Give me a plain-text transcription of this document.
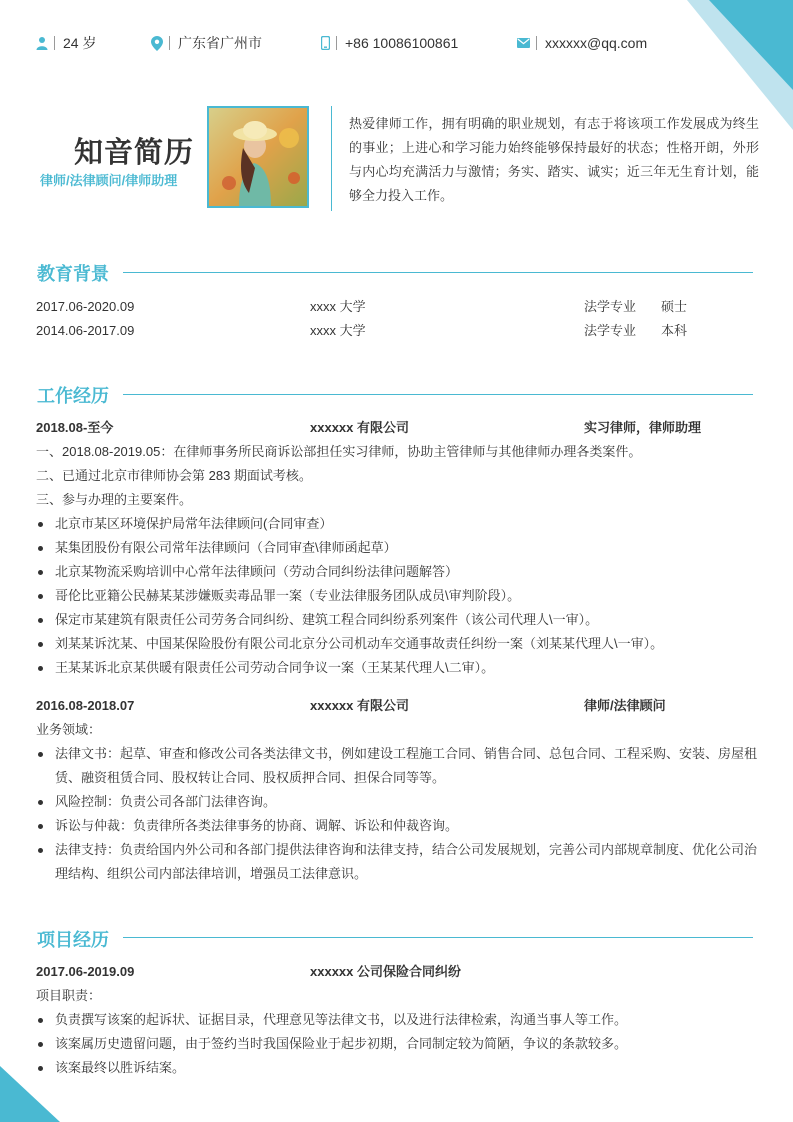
24 岁	广东省广州市	+86 10086100861	xxxxxx@qq.com
知音简历
律师/法律顾问/律师助理
热爱律师工作，拥有明确的职业规划，有志于将该项工作发展成为终生的事业；上进心和学习能力始终能够保持最好的状态；性格开朗，外形与内心均充满活力与激情；务实、踏实、诚实；近三年无生育计划，能够全力投入工作。
教育背景
2017.06-2020.09	xxxx 大学	法学专业 硕士
2014.06-2017.09	xxxx 大学	法学专业 本科
工作经历
2018.08-至今	xxxxxx 有限公司	实习律师，律师助理
一、2018.08-2019.05：在律师事务所民商诉讼部担任实习律师，协助主管律师与其他律师办理各类案件。
二、已通过北京市律师协会第 283 期面试考核。
三、参与办理的主要案件。
北京市某区环境保护局常年法律顾问(合同审查）
某集团股份有限公司常年法律顾问（合同审查\律师函起草）
北京某物流采购培训中心常年法律顾问（劳动合同纠纷法律问题解答）
哥伦比亚籍公民赫某某涉嫌贩卖毒品罪一案（专业法律服务团队成员\审判阶段）。
保定市某建筑有限责任公司劳务合同纠纷、建筑工程合同纠纷系列案件（该公司代理人\一审）。
刘某某诉沈某、中国某保险股份有限公司北京分公司机动车交通事故责任纠纷一案（刘某某代理人\一审）。
王某某诉北京某供暖有限责任公司劳动合同争议一案（王某某代理人\二审）。
2016.08-2018.07	xxxxxx 有限公司	律师/法律顾问
业务领域：
法律文书：起草、审查和修改公司各类法律文书，例如建设工程施工合同、销售合同、总包合同、工程采购、安装、房屋租赁、融资租赁合同、股权转让合同、股权质押合同、担保合同等等。
风险控制：负责公司各部门法律咨询。
诉讼与仲裁：负责律所各类法律事务的协商、调解、诉讼和仲裁咨询。
法律支持：负责给国内外公司和各部门提供法律咨询和法律支持，结合公司发展规划，完善公司内部规章制度、优化公司治理结构、组织公司内部法律培训，增强员工法律意识。
项目经历
2017.06-2019.09	xxxxxx 公司保险合同纠纷
项目职责：
负责撰写该案的起诉状、证据目录，代理意见等法律文书，以及进行法律检索，沟通当事人等工作。
该案属历史遗留问题，由于签约当时我国保险业于起步初期，合同制定较为简陋，争议的条款较多。
该案最终以胜诉结案。
